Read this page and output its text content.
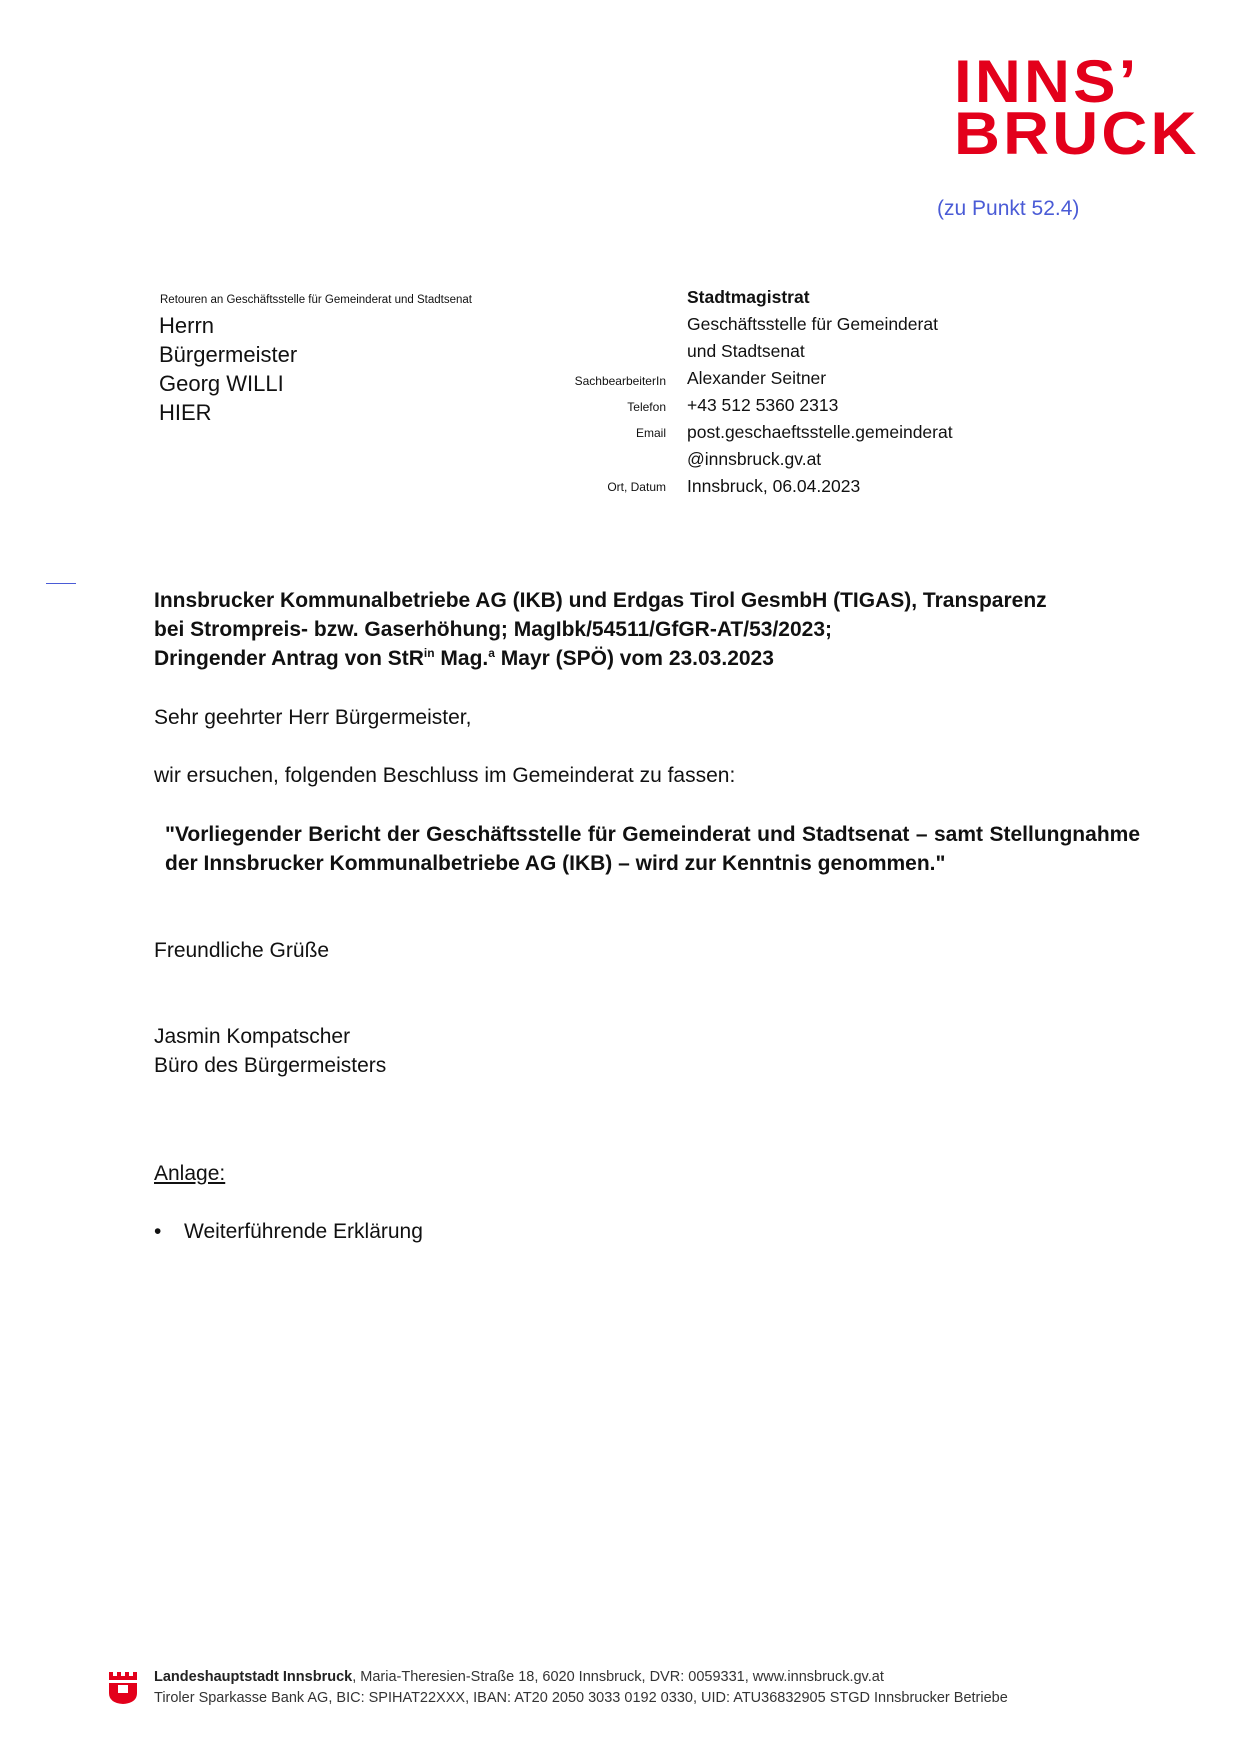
INNS’
BRUCK
(zu Punkt 52.4)
Retouren an Geschäftsstelle für Gemeinderat und Stadtsenat
Herrn
Bürgermeister
Georg WILLI
HIER
SachbearbeiterIn
Telefon
Email
Ort, Datum
Stadtmagistrat
Geschäftsstelle für Gemeinderat
und Stadtsenat
Alexander Seitner
+43 512 5360 2313
post.geschaeftsstelle.gemeinderat
@innsbruck.gv.at
Innsbruck, 06.04.2023
Innsbrucker Kommunalbetriebe AG (IKB) und Erdgas Tirol GesmbH (TIGAS), Transparenz
bei Strompreis- bzw. Gaserhöhung; MagIbk/54511/GfGR-AT/53/2023;
Dringender Antrag von StR$^{in}$ Mag.$^a$ Mayr (SPÖ) vom 23.03.2023
Sehr geehrter Herr Bürgermeister,
wir ersuchen, folgenden Beschluss im Gemeinderat zu fassen:
"Vorliegender Bericht der Geschäftsstelle für Gemeinderat und Stadtsenat – samt Stellungnahme der Innsbrucker Kommunalbetriebe AG (IKB) – wird zur Kenntnis genommen."
Freundliche Grüße
Jasmin Kompatscher
Büro des Bürgermeisters
Anlage:
• Weiterführende Erklärung
Landeshauptstadt Innsbruck, Maria-Theresien-Straße 18, 6020 Innsbruck, DVR: 0059331, www.innsbruck.gv.at
Tiroler Sparkasse Bank AG, BIC: SPIHAT22XXX, IBAN: AT20 2050 3033 0192 0330, UID: ATU36832905 STGD Innsbrucker Betriebe
